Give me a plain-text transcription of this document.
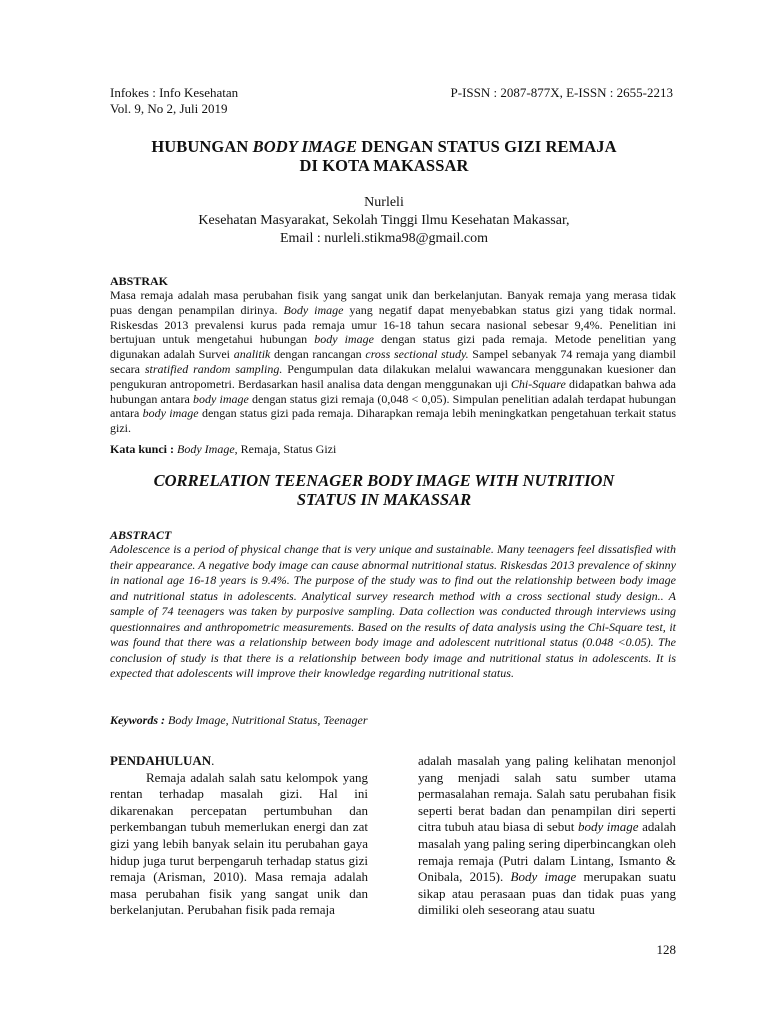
Infokes : Info Kesehatan
Vol. 9, No 2, Juli 2019
P-ISSN : 2087-877X, E-ISSN : 2655-2213
HUBUNGAN BODY IMAGE DENGAN STATUS GIZI REMAJA
DI KOTA MAKASSAR
Nurleli
Kesehatan Masyarakat, Sekolah Tinggi Ilmu Kesehatan Makassar,
Email : nurleli.stikma98@gmail.com
ABSTRAK
Masa remaja adalah masa perubahan fisik yang sangat unik dan berkelanjutan. Banyak remaja yang merasa tidak puas dengan penampilan dirinya. Body image yang negatif dapat menyebabkan status gizi yang tidak normal. Riskesdas 2013 prevalensi kurus pada remaja umur 16-18 tahun secara nasional sebesar 9,4%. Penelitian ini bertujuan untuk mengetahui hubungan body image dengan status gizi pada remaja. Metode penelitian yang digunakan adalah Survei analitik dengan rancangan cross sectional study. Sampel sebanyak 74 remaja yang diambil secara stratified random sampling. Pengumpulan data dilakukan melalui wawancara menggunakan kuesioner dan pengukuran antropometri. Berdasarkan hasil analisa data dengan menggunakan uji Chi-Square didapatkan bahwa ada hubungan antara body image dengan status gizi remaja (0,048 < 0,05). Simpulan penelitian adalah terdapat hubungan antara body image dengan status gizi pada remaja. Diharapkan remaja lebih meningkatkan pengetahuan terkait status gizi.
Kata kunci : Body Image, Remaja, Status Gizi
CORRELATION TEENAGER BODY IMAGE WITH NUTRITION
STATUS IN MAKASSAR
ABSTRACT
Adolescence is a period of physical change that is very unique and sustainable. Many teenagers feel dissatisfied with their appearance. A negative body image can cause abnormal nutritional status. Riskesdas 2013 prevalence of skinny in national age 16-18 years is 9.4%. The purpose of the study was to find out the relationship between body image and nutritional status in adolescents. Analytical survey research method with a cross sectional study design.. A sample of 74 teenagers was taken by purposive sampling. Data collection was conducted through interviews using questionnaires and anthropometric measurements. Based on the results of data analysis using the Chi-Square test, it was found that there was a relationship between body image and adolescent nutritional status (0.048 <0.05). The conclusion of study is that there is a relationship between body image and nutritional status in adolescents. It is expected that adolescents will improve their knowledge regarding nutritional status.
Keywords : Body Image, Nutritional Status, Teenager
PENDAHULUAN.
Remaja adalah salah satu kelompok yang rentan terhadap masalah gizi. Hal ini dikarenakan percepatan pertumbuhan dan perkembangan tubuh memerlukan energi dan zat gizi yang lebih banyak selain itu perubahan gaya hidup juga turut berpengaruh terhadap status gizi remaja (Arisman, 2010). Masa remaja adalah masa perubahan fisik yang sangat unik dan berkelanjutan. Perubahan fisik pada remaja
adalah masalah yang paling kelihatan menonjol yang menjadi salah satu sumber utama permasalahan remaja. Salah satu perubahan fisik seperti berat badan dan penampilan diri seperti citra tubuh atau biasa di sebut body image adalah masalah yang paling sering diperbincangkan oleh remaja remaja (Putri dalam Lintang, Ismanto & Onibala, 2015). Body image merupakan suatu sikap atau perasaan puas dan tidak puas yang dimiliki oleh seseorang atau suatu
128
